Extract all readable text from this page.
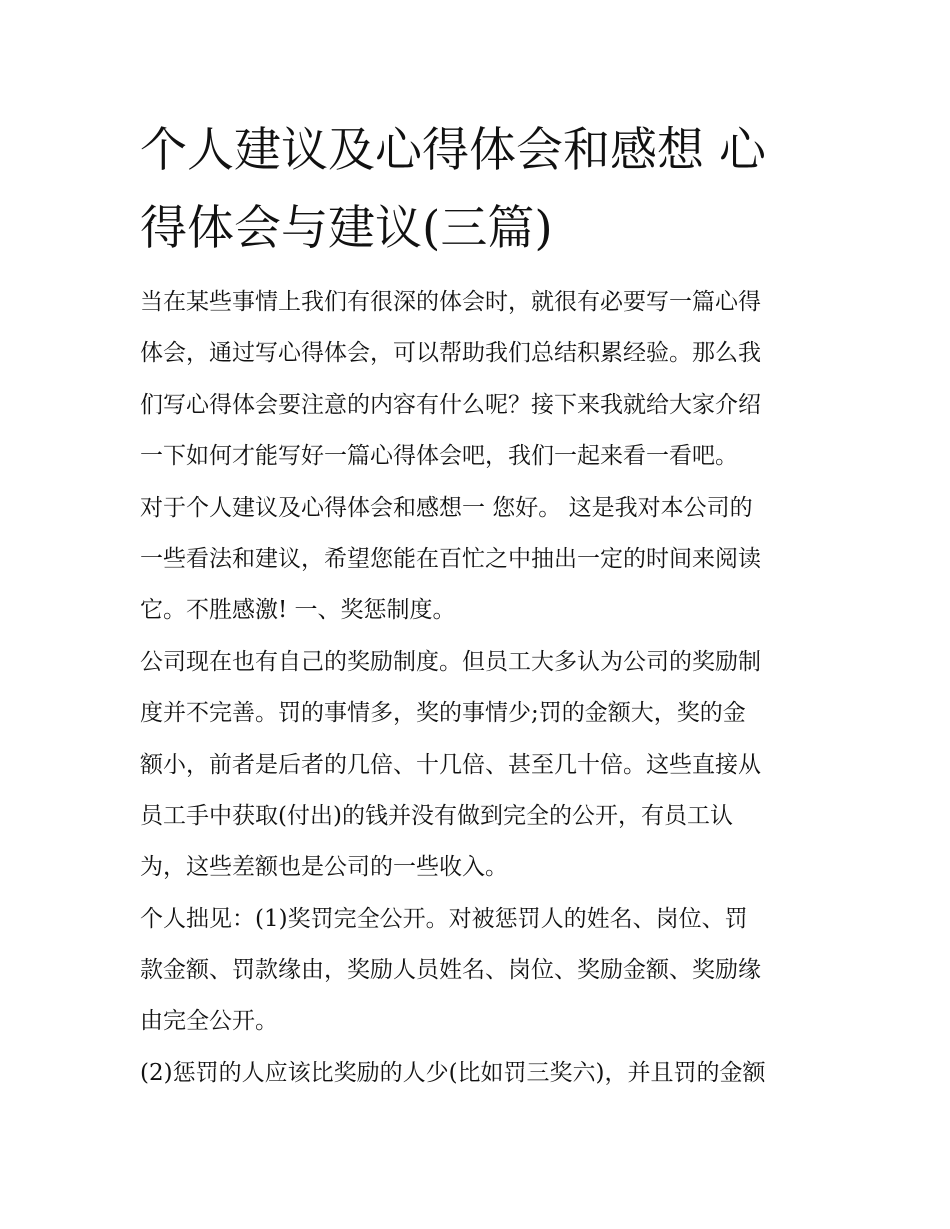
个人建议及心得体会和感想 心
得体会与建议(三篇)
当在某些事情上我们有很深的体会时，就很有必要写一篇心得
体会，通过写心得体会，可以帮助我们总结积累经验。那么我
们写心得体会要注意的内容有什么呢？接下来我就给大家介绍
一下如何才能写好一篇心得体会吧，我们一起来看一看吧。
对于个人建议及心得体会和感想一 您好。 这是我对本公司的
一些看法和建议，希望您能在百忙之中抽出一定的时间来阅读
它。不胜感激! 一、奖惩制度。
公司现在也有自己的奖励制度。但员工大多认为公司的奖励制
度并不完善。罚的事情多，奖的事情少;罚的金额大，奖的金
额小，前者是后者的几倍、十几倍、甚至几十倍。这些直接从
员工手中获取(付出)的钱并没有做到完全的公开，有员工认
为，这些差额也是公司的一些收入。
个人拙见：(1)奖罚完全公开。对被惩罚人的姓名、岗位、罚
款金额、罚款缘由，奖励人员姓名、岗位、奖励金额、奖励缘
由完全公开。
(2)惩罚的人应该比奖励的人少(比如罚三奖六)，并且罚的金额
